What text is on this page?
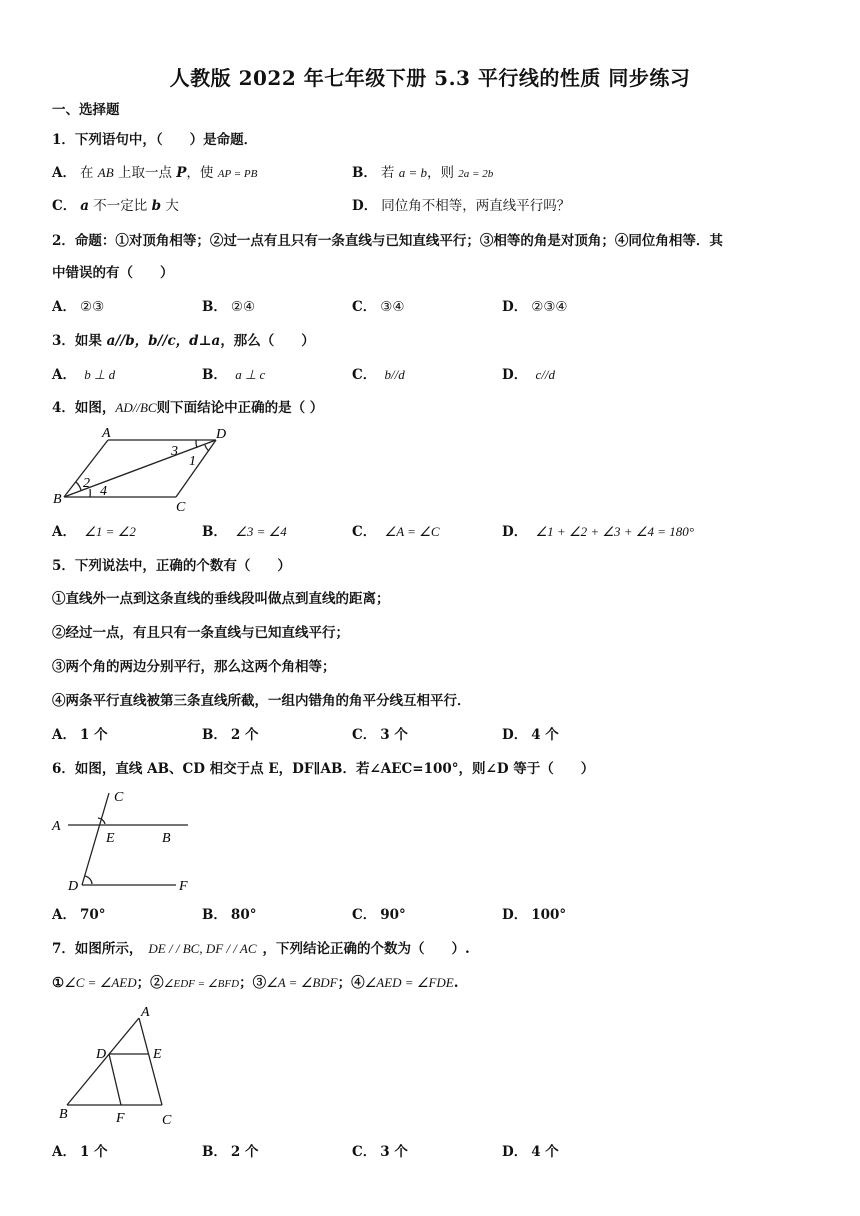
人教版 2022 年七年级下册 5.3 平行线的性质 同步练习
一、选择题
1．下列语句中，（　　）是命题．
A． 在 AB 上取一点 P，使 AP = PB	B． 若 a = b，则 2a = 2b
C． a 不一定比 b 大	D． 同位角不相等，两直线平行吗？
2．命题：①对顶角相等；②过一点有且只有一条直线与已知直线平行；③相等的角是对顶角；④同位角相等．其
中错误的有（　　）
A． ②③	B． ②④	C． ③④	D． ②③④
3．如果 a//b，b//c，d⊥a，那么（　　）
A． b ⊥ d	B． a ⊥ c	C． b//d	D． c//d
4．如图，AD//BC则下面结论中正确的是（ ）
A	D
B
C
3
1
2
4
A． ∠1 = ∠2	B． ∠3 = ∠4	C． ∠A = ∠C	D． ∠1 + ∠2 + ∠3 + ∠4 = 180°
5．下列说法中，正确的个数有（　　）
①直线外一点到这条直线的垂线段叫做点到直线的距离；
②经过一点，有且只有一条直线与已知直线平行；
③两个角的两边分别平行，那么这两个角相等；
④两条平行直线被第三条直线所截，一组内错角的角平分线互相平行．
A． 1 个	B． 2 个	C． 3 个	D． 4 个
6．如图，直线 AB、CD 相交于点 E，DF∥AB．若∠AEC=100°，则∠D 等于（　　）
C
A
E	B
D	F
A． 70°	B． 80°	C． 90°	D． 100°
7．如图所示， DE / / BC, DF / / AC ，下列结论正确的个数为（　　）.
①∠C = ∠AED；②∠EDF = ∠BFD；③∠A = ∠BDF；④∠AED = ∠FDE.
A
D	E
B	F	C
A． 1 个	B． 2 个	C． 3 个	D． 4 个
